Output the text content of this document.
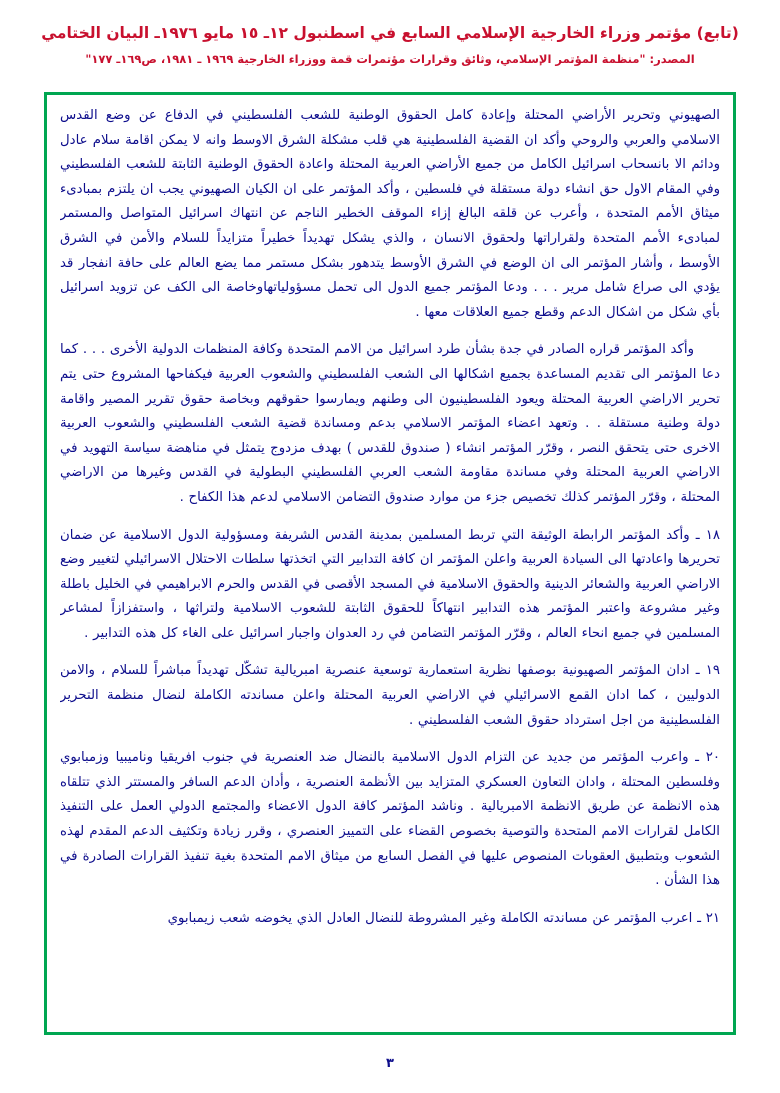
(تابع) مؤتمر وزراء الخارجية الإسلامي السابع في اسطنبول ١٢ـ ١٥ مايو ١٩٧٦ـ البيان الختامي
المصدر: "منظمة المؤتمر الإسلامي، وثائق وقرارات مؤتمرات قمة ووزراء الخارجية ١٩٦٩ ـ ١٩٨١، ص١٦٩ـ ١٧٧"

الصهيوني وتحرير الأراضي المحتلة وإعادة كامل الحقوق الوطنية للشعب الفلسطيني في الدفاع عن وضع القدس الاسلامي والعربي والروحي وأكد ان القضية الفلسطينية هي قلب مشكلة الشرق الاوسط وانه لا يمكن اقامة سلام عادل ودائم الا بانسحاب اسرائيل الكامل من جميع الأراضي العربية المحتلة واعادة الحقوق الوطنية الثابتة للشعب الفلسطيني وفي المقام الاول حق انشاء دولة مستقلة في فلسطين ، وأكد المؤتمر على ان الكيان الصهيوني يجب ان يلتزم بمبادىء ميثاق الأمم المتحدة ، وأعرب عن قلقه البالغ إزاء الموقف الخطير الناجم عن انتهاك اسرائيل المتواصل والمستمر لمبادىء الأمم المتحدة ولقراراتها ولحقوق الانسان ، والذي يشكل تهديداً خطيراً متزايداً للسلام والأمن في الشرق الأوسط ، وأشار المؤتمر الى ان الوضع في الشرق الأوسط يتدهور بشكل مستمر مما يضع العالم على حافة انفجار قد يؤدي الى صراع شامل مرير . . . ودعا المؤتمر جميع الدول الى تحمل مسؤولياتهاوخاصة الى الكف عن تزويد اسرائيل بأي شكل من اشكال الدعم وقطع جميع العلاقات معها .

وأكد المؤتمر قراره الصادر في جدة بشأن طرد اسرائيل من الامم المتحدة وكافة المنظمات الدولية الأخرى . . . كما دعا المؤتمر الى تقديم المساعدة بجميع اشكالها الى الشعب الفلسطيني والشعوب العربية فيكفاحها المشروع حتى يتم تحرير الاراضي العربية المحتلة ويعود الفلسطينيون الى وطنهم ويمارسوا حقوقهم وبخاصة حقوق تقرير المصير واقامة دولة وطنية مستقلة . . وتعهد اعضاء المؤتمر الاسلامي بدعم ومساندة قضية الشعب الفلسطيني والشعوب العربية الاخرى حتى يتحقق النصر ، وقرّر المؤتمر انشاء ( صندوق للقدس ) بهدف مزدوج يتمثل في مناهضة سياسة التهويد في الاراضي العربية المحتلة وفي مساندة مقاومة الشعب العربي الفلسطيني البطولية في القدس وغيرها من الاراضي المحتلة ، وقرّر المؤتمر كذلك تخصيص جزء من موارد صندوق التضامن الاسلامي لدعم هذا الكفاح .

١٨ ـ وأكد المؤتمر الرابطة الوثيقة التي تربط المسلمين بمدينة القدس الشريفة ومسؤولية الدول الاسلامية عن ضمان تحريرها واعادتها الى السيادة العربية واعلن المؤتمر ان كافة التدابير التي اتخذتها سلطات الاحتلال الاسرائيلي لتغيير وضع الاراضي العربية والشعائر الدينية والحقوق الاسلامية في المسجد الأقصى في القدس والحرم الابراهيمي في الخليل باطلة وغير مشروعة واعتبر المؤتمر هذه التدابير انتهاكاً للحقوق الثابتة للشعوب الاسلامية ولتراثها ، واستفزازاً لمشاعر المسلمين في جميع انحاء العالم ، وقرّر المؤتمر التضامن في رد العدوان واجبار اسرائيل على الغاء كل هذه التدابير .

١٩ ـ ادان المؤتمر الصهيونية بوصفها نظرية استعمارية توسعية عنصرية امبريالية تشكّل تهديداً مباشراً للسلام ، والامن الدوليين ، كما ادان القمع الاسرائيلي في الاراضي العربية المحتلة واعلن مساندته الكاملة لنضال منظمة التحرير الفلسطينية من اجل استرداد حقوق الشعب الفلسطيني .

٢٠ ـ واعرب المؤتمر من جديد عن التزام الدول الاسلامية بالنضال ضد العنصرية في جنوب افريقيا وناميبيا وزمبابوي وفلسطين المحتلة ، وادان التعاون العسكري المتزايد بين الأنظمة العنصرية ، وأدان الدعم السافر والمستتر الذي تتلقاه هذه الانظمة عن طريق الانظمة الامبريالية . وناشد المؤتمر كافة الدول الاعضاء والمجتمع الدولي العمل على التنفيذ الكامل لقرارات الامم المتحدة والتوصية بخصوص القضاء على التمييز العنصري ، وقرر زيادة وتكثيف الدعم المقدم لهذه الشعوب وبتطبيق العقوبات المنصوص عليها في الفصل السابع من ميثاق الامم المتحدة بغية تنفيذ القرارات الصادرة في هذا الشأن .

٢١ ـ اعرب المؤتمر عن مساندته الكاملة وغير المشروطة للنضال العادل الذي يخوضه شعب زيمبابوي

٣
